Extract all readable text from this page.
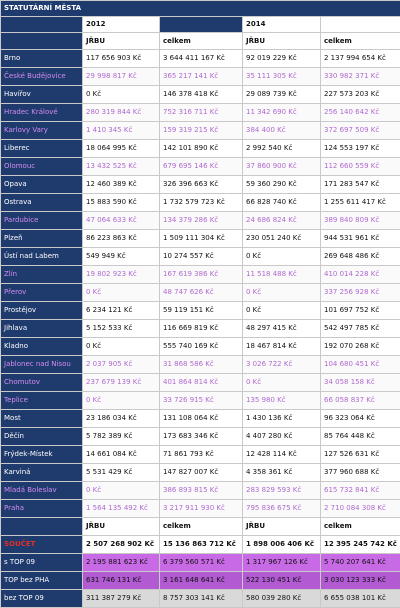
STATUTÁRNÍ MĚSTA				
	2012		2014	
	JŘBU	celkem	JŘBU	celkem
Brno	117 656 903 Kč	3 644 411 167 Kč	92 019 229 Kč	2 137 994 654 Kč
České Budějovice	29 998 817 Kč	365 217 141 Kč	35 111 305 Kč	330 982 371 Kč
Havířov	0 Kč	146 378 418 Kč	29 089 739 Kč	227 573 203 Kč
Hradec Králové	280 319 844 Kč	752 316 711 Kč	11 342 690 Kč	256 140 642 Kč
Karlovy Vary	1 410 345 Kč	159 319 215 Kč	384 400 Kč	372 697 509 Kč
Liberec	18 064 995 Kč	142 101 890 Kč	2 992 540 Kč	124 553 197 Kč
Olomouc	13 432 525 Kč	679 695 146 Kč	37 860 900 Kč	112 660 559 Kč
Opava	12 460 389 Kč	326 396 663 Kč	59 360 290 Kč	171 283 547 Kč
Ostrava	15 883 590 Kč	1 732 579 723 Kč	66 828 740 Kč	1 255 611 417 Kč
Pardubice	47 064 633 Kč	134 379 286 Kč	24 686 824 Kč	389 840 809 Kč
Plzeň	86 223 863 Kč	1 509 111 304 Kč	230 051 240 Kč	944 531 961 Kč
Ústí nad Labem	549 949 Kč	10 274 557 Kč	0 Kč	269 648 486 Kč
Zlín	19 802 923 Kč	167 619 386 Kč	11 518 488 Kč	410 014 228 Kč
Přerov	0 Kč	48 747 626 Kč	0 Kč	337 256 928 Kč
Prostějov	6 234 121 Kč	59 119 151 Kč	0 Kč	101 697 752 Kč
Jihlava	5 152 533 Kč	116 669 819 Kč	48 297 415 Kč	542 497 785 Kč
Kladno	0 Kč	555 740 169 Kč	18 467 814 Kč	192 070 268 Kč
Jablonec nad Nisou	2 037 905 Kč	31 868 586 Kč	3 026 722 Kč	104 680 451 Kč
Chomutov	237 679 139 Kč	401 864 814 Kč	0 Kč	34 058 158 Kč
Teplice	0 Kč	33 726 915 Kč	135 980 Kč	66 058 837 Kč
Most	23 186 034 Kč	131 108 064 Kč	1 430 136 Kč	96 323 064 Kč
Děčín	5 782 389 Kč	173 683 346 Kč	4 407 280 Kč	85 764 448 Kč
Frýdek-Místek	14 661 084 Kč	71 861 793 Kč	12 428 114 Kč	127 526 631 Kč
Karviná	5 531 429 Kč	147 827 007 Kč	4 358 361 Kč	377 960 688 Kč
Mladá Boleslav	0 Kč	386 893 815 Kč	283 829 593 Kč	615 732 841 Kč
Praha	1 564 135 492 Kč	3 217 911 930 Kč	795 836 675 Kč	2 710 084 308 Kč
	JŘBU	celkem	JŘBU	celkem
SOUČET	2 507 268 902 Kč	15 136 863 712 Kč	1 898 006 406 Kč	12 395 245 742 Kč
s TOP 09	2 195 881 623 Kč	6 379 560 571 Kč	1 317 967 126 Kč	5 740 207 641 Kč
TOP bez PHA	631 746 131 Kč	3 161 648 641 Kč	522 130 451 Kč	3 030 123 333 Kč
bez TOP 09	311 387 279 Kč	8 757 303 141 Kč	580 039 280 Kč	6 655 038 101 Kč
